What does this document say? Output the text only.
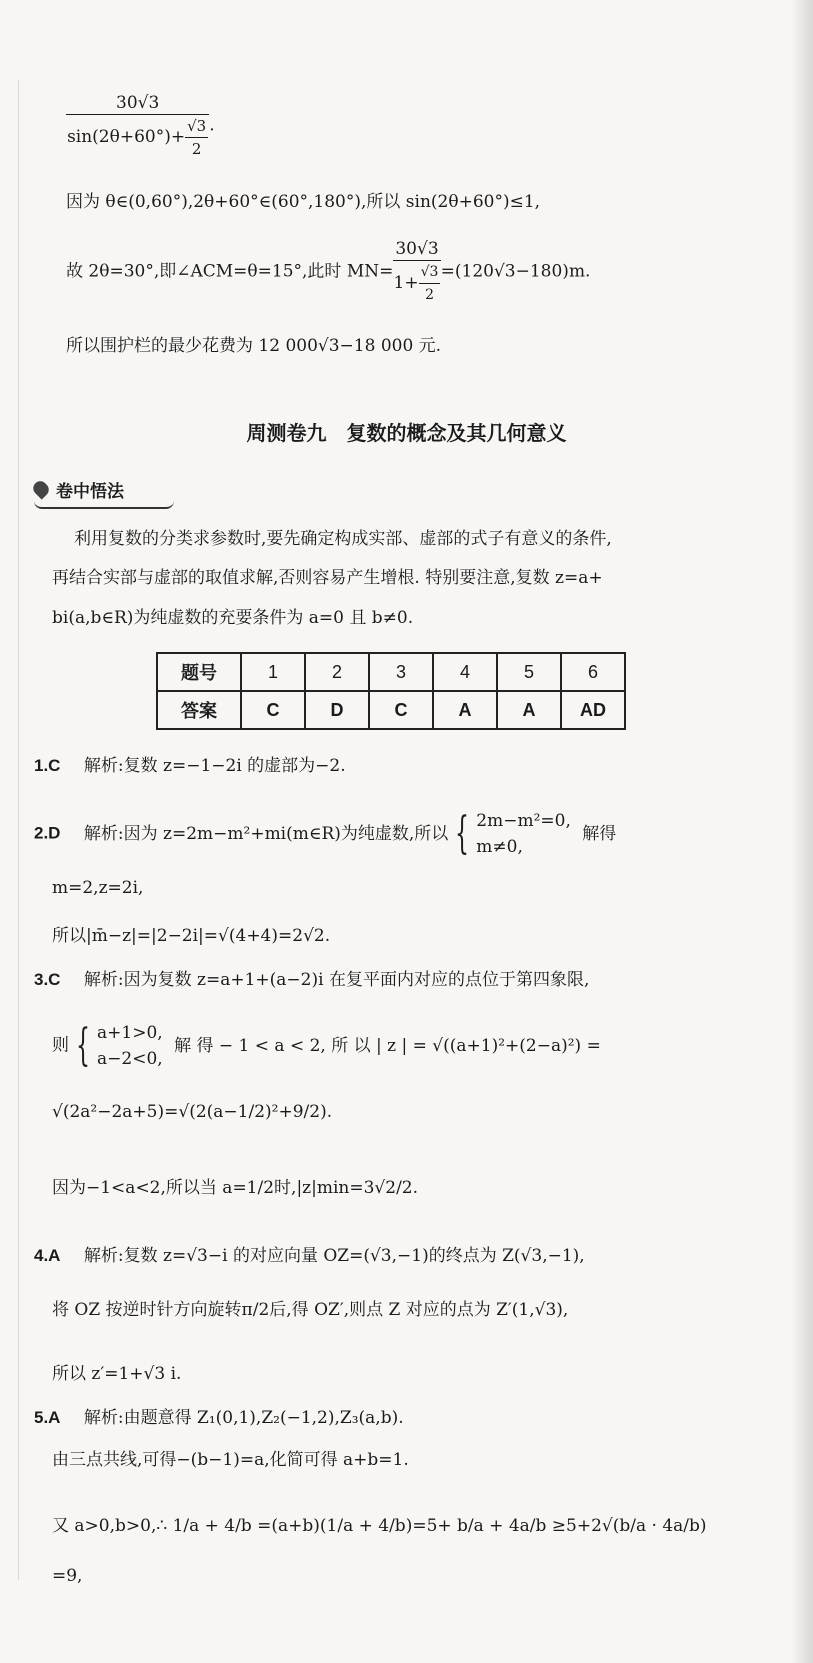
$\frac{30√3}{\sin(2\theta+60^\circ)+ \frac{√3}{2}}$ .
因为 θ∈(0,60°),2θ+60°∈(60°,180°),所以 sin(2θ+60°)≤1,
故 2θ=30°,即∠ACM=θ=15°,此时 $MN= \frac{30√3}{1+ \frac{√3}{2}} =(120√3-180)m$.
所以围护栏的最少花费为 12 000√3−18 000 元.
周测卷九　复数的概念及其几何意义
卷中悟法
利用复数的分类求参数时,要先确定构成实部、虚部的式子有意义的条件,
再结合实部与虚部的取值求解,否则容易产生增根. 特别要注意,复数 z=a+
bi(a,b∈R)为纯虚数的充要条件为 a=0 且 b≠0.
题号	1	2	3	4	5	6
答案	C	D	C	A	A	AD
1.C 解析:复数 z=−1−2i 的虚部为−2.
2.D 解析:因为 z=2m−m²+mi(m∈R)为纯虚数,所以 { 2m−m²=0,
m≠0,
解得
m=2,z=2i,
所以|m̄−z|=|2−2i|=√(4+4)=2√2.
3.C 解析:因为复数 z=a+1+(a−2)i 在复平面内对应的点位于第四象限,
则 { a+1>0,
a−2<0,
解 得 − 1 < a < 2, 所 以 | z | = √((a+1)²+(2−a)²) =
√(2a²−2a+5)=√(2(a−1/2)²+9/2).
因为−1<a<2,所以当 a=1/2时,|z|min=3√2/2.
4.A 解析:复数 z=√3−i 的对应向量 OZ=(√3,−1)的终点为 Z(√3,−1),
将 OZ 按逆时针方向旋转π/2后,得 OZ′,则点 Z 对应的点为 Z′(1,√3),
所以 z′=1+√3 i.
5.A 解析:由题意得 Z₁(0,1),Z₂(−1,2),Z₃(a,b).
由三点共线,可得−(b−1)=a,化简可得 a+b=1.
又 a>0,b>0,∴ 1/a + 4/b =(a+b)(1/a + 4/b)=5+ b/a + 4a/b ≥5+2√(b/a · 4a/b)
=9,
